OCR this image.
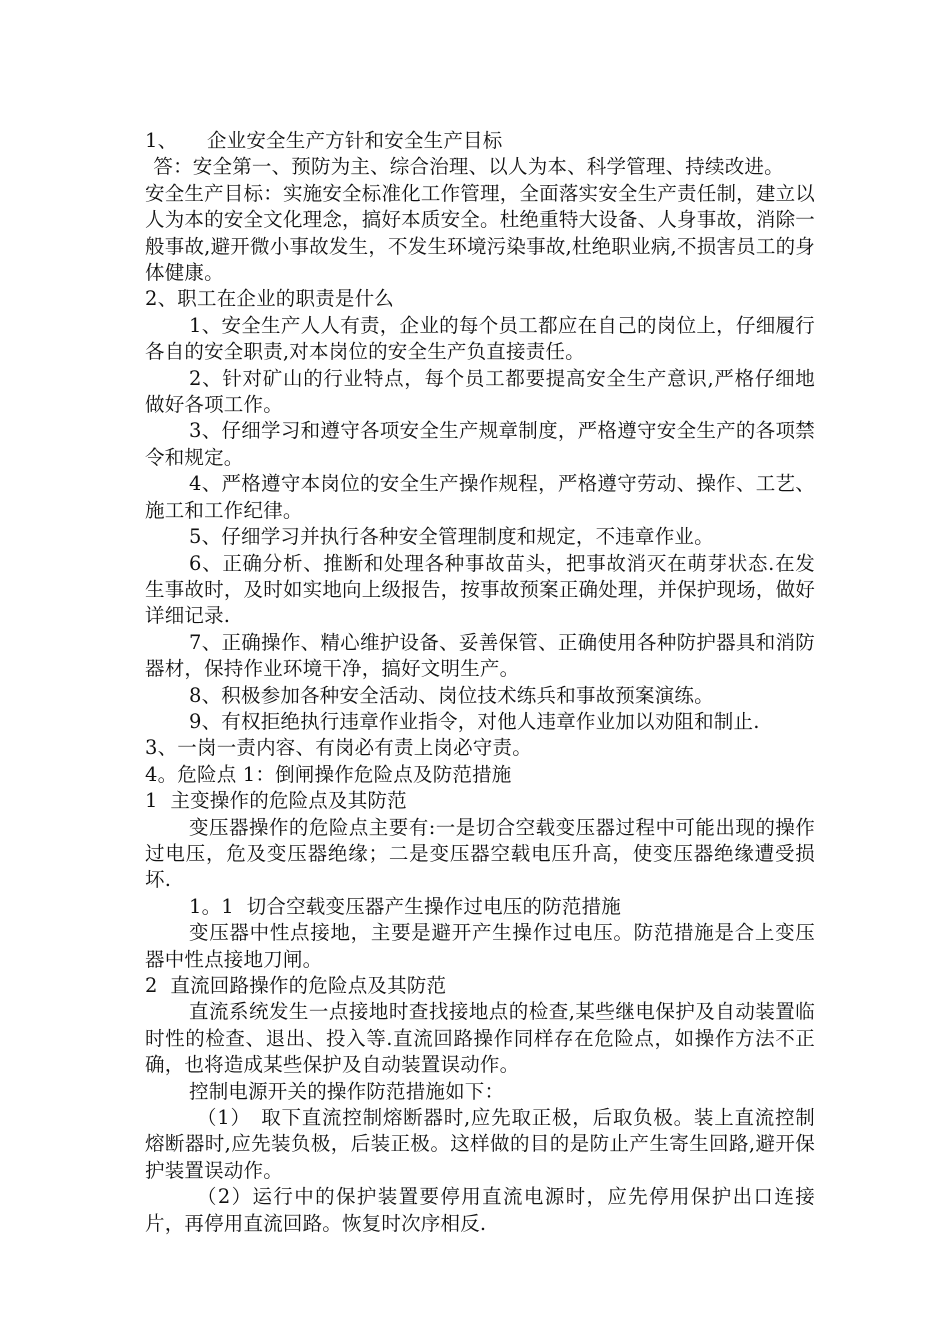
1、　　企业安全生产方针和安全生产目标

答：安全第一、预防为主、综合治理、以人为本、科学管理、持续改进。

安全生产目标：实施安全标准化工作管理，全面落实安全生产责任制，建立以人为本的安全文化理念，搞好本质安全。杜绝重特大设备、人身事故，消除一般事故,避开微小事故发生，不发生环境污染事故,杜绝职业病,不损害员工的身体健康。

2、职工在企业的职责是什么

1、安全生产人人有责，企业的每个员工都应在自己的岗位上，仔细履行各自的安全职责,对本岗位的安全生产负直接责任。

2、针对矿山的行业特点，每个员工都要提高安全生产意识,严格仔细地做好各项工作。

3、仔细学习和遵守各项安全生产规章制度，严格遵守安全生产的各项禁令和规定。

4、严格遵守本岗位的安全生产操作规程，严格遵守劳动、操作、工艺、施工和工作纪律。

5、仔细学习并执行各种安全管理制度和规定，不违章作业。

6、正确分析、推断和处理各种事故苗头，把事故消灭在萌芽状态.在发生事故时，及时如实地向上级报告，按事故预案正确处理，并保护现场，做好详细记录.

7、正确操作、精心维护设备、妥善保管、正确使用各种防护器具和消防器材，保持作业环境干净，搞好文明生产。

8、积极参加各种安全活动、岗位技术练兵和事故预案演练。

9、有权拒绝执行违章作业指令，对他人违章作业加以劝阻和制止.

3、一岗一责内容、有岗必有责上岗必守责。

4。危险点 1：倒闸操作危险点及防范措施

1  主变操作的危险点及其防范

变压器操作的危险点主要有:一是切合空载变压器过程中可能出现的操作过电压，危及变压器绝缘；二是变压器空载电压升高，使变压器绝缘遭受损坏.

1。1  切合空载变压器产生操作过电压的防范措施

变压器中性点接地，主要是避开产生操作过电压。防范措施是合上变压器中性点接地刀闸。

2  直流回路操作的危险点及其防范

直流系统发生一点接地时查找接地点的检查,某些继电保护及自动装置临时性的检查、退出、投入等.直流回路操作同样存在危险点，如操作方法不正确，也将造成某些保护及自动装置误动作。

控制电源开关的操作防范措施如下：

（1）　取下直流控制熔断器时,应先取正极，后取负极。装上直流控制熔断器时,应先装负极，后装正极。这样做的目的是防止产生寄生回路,避开保护装置误动作。

（2）运行中的保护装置要停用直流电源时，应先停用保护出口连接片，再停用直流回路。恢复时次序相反.
